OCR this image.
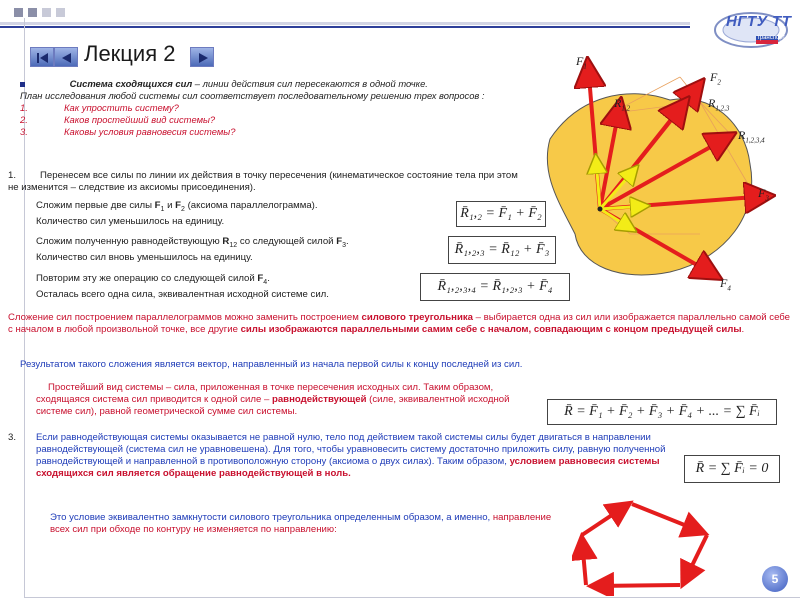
НГТУ ТТ
транспорт
Лекция 2
Система сходящихся сил – линии действия сил пересекаются в одной точке.
План исследования любой системы сил соответствует последовательному решению трех вопросов :
1.	Как упростить систему?
2.	Каков простейший вид системы?
3.	Каковы условия равновесия системы?
1. Перенесем все силы по линии их действия в точку пересечения (кинематическое состояние тела при этом не изменится – следствие из аксиомы присоединения).
Сложим первые две силы $F_1$ и $F_2$ (аксиома параллелограмма).
Количество сил уменьшилось на единицу.
R̄₁,₂ = F̄₁ + F̄₂
Сложим полученную равнодействующую $R_{12}$ со следующей силой $F_3$.
Количество сил вновь уменьшилось на единицу.
R̄₁,₂,₃ = R̄₁₂ + F̄₃
Повторим эту же операцию со следующей силой $F_4$.
Осталась всего одна сила, эквивалентная исходной системе сил.
R̄₁,₂,₃,₄ = R̄₁,₂,₃ + F̄₄
Сложение сил построением параллелограммов можно заменить построением силового треугольника – выбирается одна из сил или изображается параллельно самой себе с началом в любой произвольной точке, все другие силы изображаются параллельными самим себе с началом, совпадающим с концом предыдущей силы.
Результатом такого сложения является вектор, направленный из начала первой силы к концу последней из сил.
Простейший вид системы – сила, приложенная в точке пересечения исходных сил. Таким образом, сходящаяся система сил приводится к одной силе – равнодействующей (силе, эквивалентной исходной системе сил), равной геометрической сумме сил системы.	R̄ = F̄₁ + F̄₂ + F̄₃ + F̄₄ + ... = ∑ F̄ᵢ
3. Если равнодействующая системы оказывается не равной нулю, тело под действием такой системы силы будет двигаться в направлении равнодействующей (система сил не уравновешена). Для того, чтобы уравновесить систему достаточно приложить силу, равную полученной равнодействующей и направленной в противоположную сторону (аксиома о двух силах). Таким образом, условием равновесия системы сходящихся сил является обращение равнодействующей в ноль.	R̄ = ∑ F̄ᵢ = 0
Это условие эквивалентно замкнутости силового треугольника определенным образом, а именно, направление всех сил при обходе по контуру не изменяется по направлению:
$F_1$
$F_2$
$R_{1,2}$	$R_{1,2,3}$
$R_{1,2,3,4}$
$F_3$
$F_4$
5
